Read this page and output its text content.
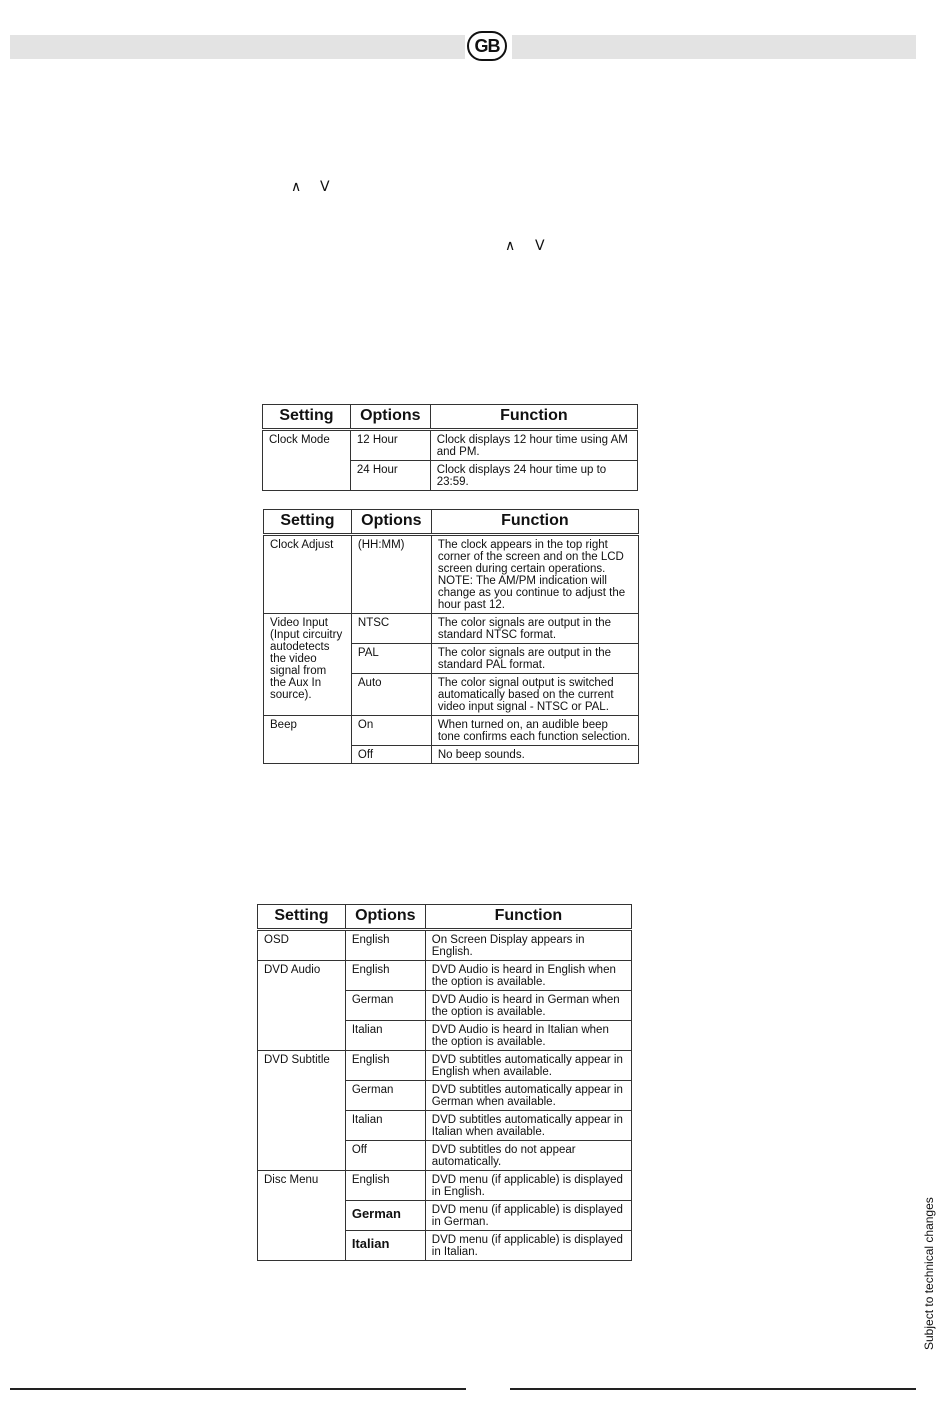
GB
∧ V
∧ V
Setting	Options	Function
Clock Mode	12 Hour	Clock displays 12 hour time using AM and PM.
	24 Hour	Clock displays 24 hour time up to 23:59.
Setting	Options	Function
Clock Adjust	(HH:MM)	The clock appears in the top right corner of the screen and on the LCD screen during certain operations. NOTE: The AM/PM indication will change as you continue to adjust the hour past 12.
Video Input (Input circuitry autodetects the video signal from the Aux In source).	NTSC	The color signals are output in the standard NTSC format.
	PAL	The color signals are output in the standard PAL format.
	Auto	The color signal output is switched automatically based on the current video input signal - NTSC or PAL.
Beep	On	When turned on, an audible beep tone confirms each function selection.
	Off	No beep sounds.
Setting	Options	Function
OSD	English	On Screen Display appears in English.
DVD Audio	English	DVD Audio is heard in English when the option is available.
	German	DVD Audio is heard in German when the option is available.
	Italian	DVD Audio is heard in Italian when the option is available.
DVD Subtitle	English	DVD subtitles automatically appear in English when available.
	German	DVD subtitles automatically appear in German when available.
	Italian	DVD subtitles automatically appear in Italian when available.
	Off	DVD subtitles do not appear automatically.
Disc Menu	English	DVD menu (if applicable) is displayed in English.
	German	DVD menu (if applicable) is displayed in German.
	Italian	DVD menu (if applicable) is displayed in Italian.	Subject to technical changes
